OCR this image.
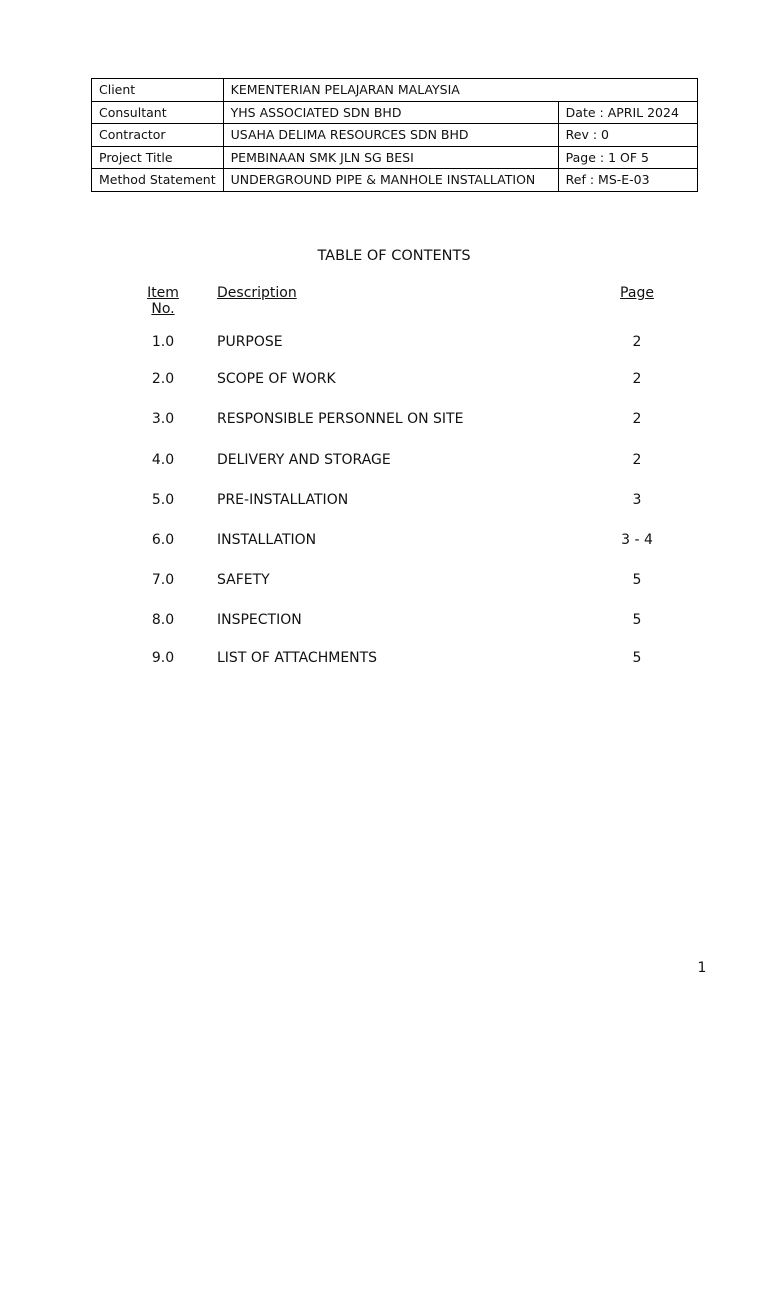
Client	KEMENTERIAN PELAJARAN MALAYSIA	
Consultant	YHS ASSOCIATED SDN BHD	Date : APRIL 2024
Contractor	USAHA DELIMA RESOURCES SDN BHD	Rev : 0
Project Title	PEMBINAAN SMK JLN SG BESI	Page : 1 OF 5
Method Statement	UNDERGROUND PIPE & MANHOLE INSTALLATION	Ref : MS-E-03
TABLE OF CONTENTS
Item
No.
Description	Page
1.0	PURPOSE	2
2.0	SCOPE OF WORK	2
3.0	RESPONSIBLE PERSONNEL ON SITE	2
4.0	DELIVERY AND STORAGE	2
5.0	PRE-INSTALLATION	3
6.0	INSTALLATION	3 - 4
7.0	SAFETY	5
8.0	INSPECTION	5
9.0	LIST OF ATTACHMENTS	5
1
